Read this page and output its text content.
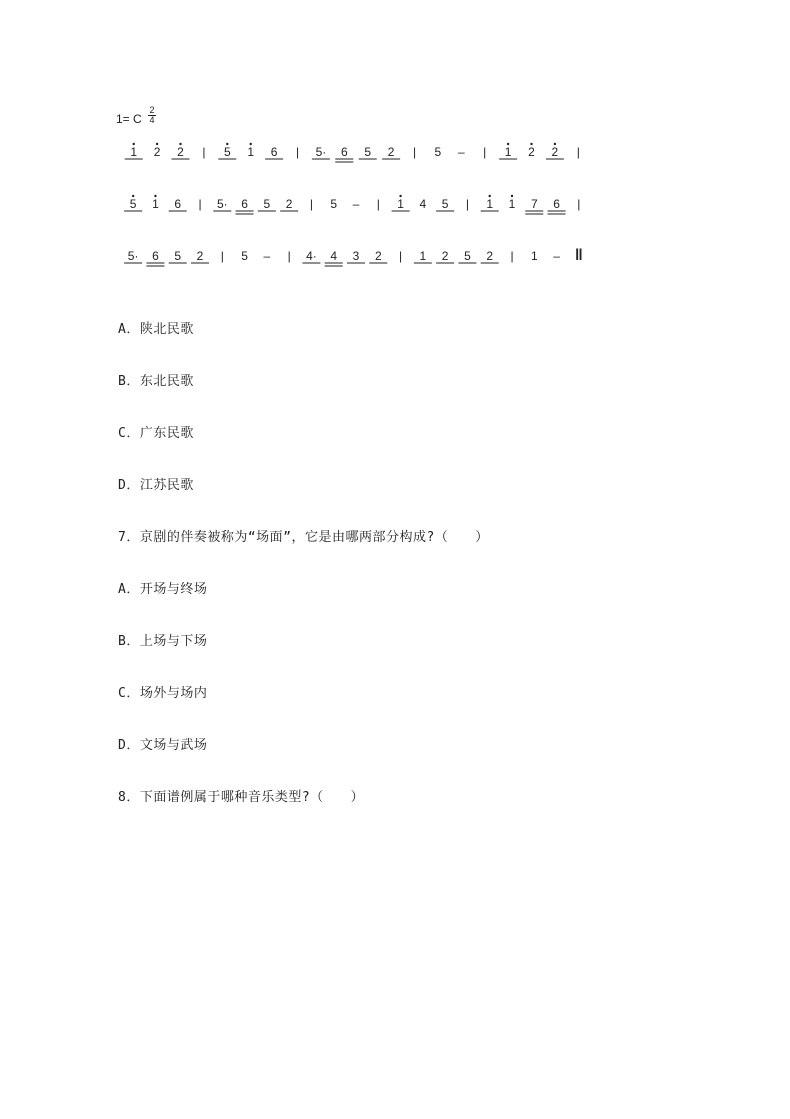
1= C
2
4
1 2 2 | 5 1 6 | 5· 6 5 2 | 5 – | 1 2 2 |
5 1 6 | 5· 6 5 2 | 5 – | 1 4 5 | 1 1 7 6 |
5· 6 5 2 | 5 – | 4· 4 3 2 | 1 2 5 2 | 1 – ‖
A．陕北民歌
B．东北民歌
C．广东民歌
D．江苏民歌
7．京剧的伴奏被称为“场面”，它是由哪两部分构成?（　　）
A．开场与终场
B．上场与下场
C．场外与场内
D．文场与武场
8．下面谱例属于哪种音乐类型?（　　）
